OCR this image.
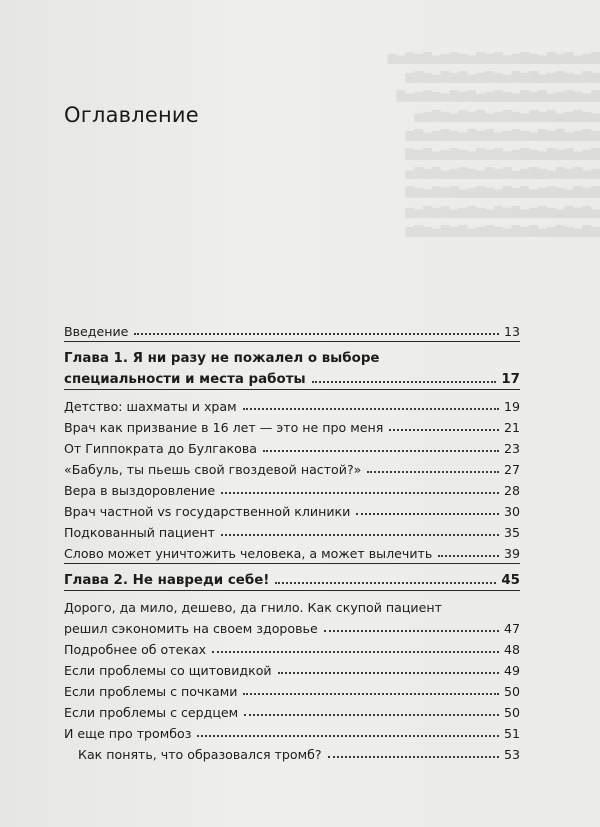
▇▆▅▇▆▇▅▆▇▆▅▇▆▇▅▆▇▆▅▇▆▇▅▆
▆▇▅▆▇▆▅▇▆▇▅▆▇▆▅▇▆▇▅▆▇▆
▇▅▆▇▆▅▇▆▇▅▆▇▆▅▇▆▇▅▆▇▆▅▇
▅▆▇▆▅▇▆▇▅▆▇▆▅▇▆▇▅▆▇▆▅
▆▇▆▅▇▆▇▅▆▇▆▅▇▆▇▅▆▇▆▅▇▆
▇▆▅▇▆▇▅▆▇▆▅▇▆▇▅▆▇▆▅▇▆▇
▆▅▇▆▇▅▆▇▆▅▇▆▇▅▆▇▆▅▇▆▇▅
▇▆▇▅▆▇▆▅▇▆▇▅▆▇▆▅▇▆▇▅▆▇
▅▇▆▇▅▆▇▆▅▇▆▇▅▆▇▆▅▇▆▇▅▆
▆▇▅▆▇▆▅▇▆▇▅▆▇▆▅▇▆▇▅▆▇▆
Оглавление
Введение	13
Глава 1. Я ни разу не пожалел о выборе
специальности и места работы	17
Детство: шахматы и храм	19
Врач как призвание в 16 лет — это не про меня	21
От Гиппократа до Булгакова	23
«Бабуль, ты пьешь свой гвоздевой настой?»	27
Вера в выздоровление	28
Врач частной vs государственной клиники	30
Подкованный пациент	35
Слово может уничтожить человека, а может вылечить	39
Глава 2. Не навреди себе!	45
Дорого, да мило, дешево, да гнило. Как скупой пациент
решил сэкономить на своем здоровье	47
Подробнее об отеках	48
Если проблемы со щитовидкой	49
Если проблемы с почками	50
Если проблемы с сердцем	50
И еще про тромбоз	51
Как понять, что образовался тромб?	53
